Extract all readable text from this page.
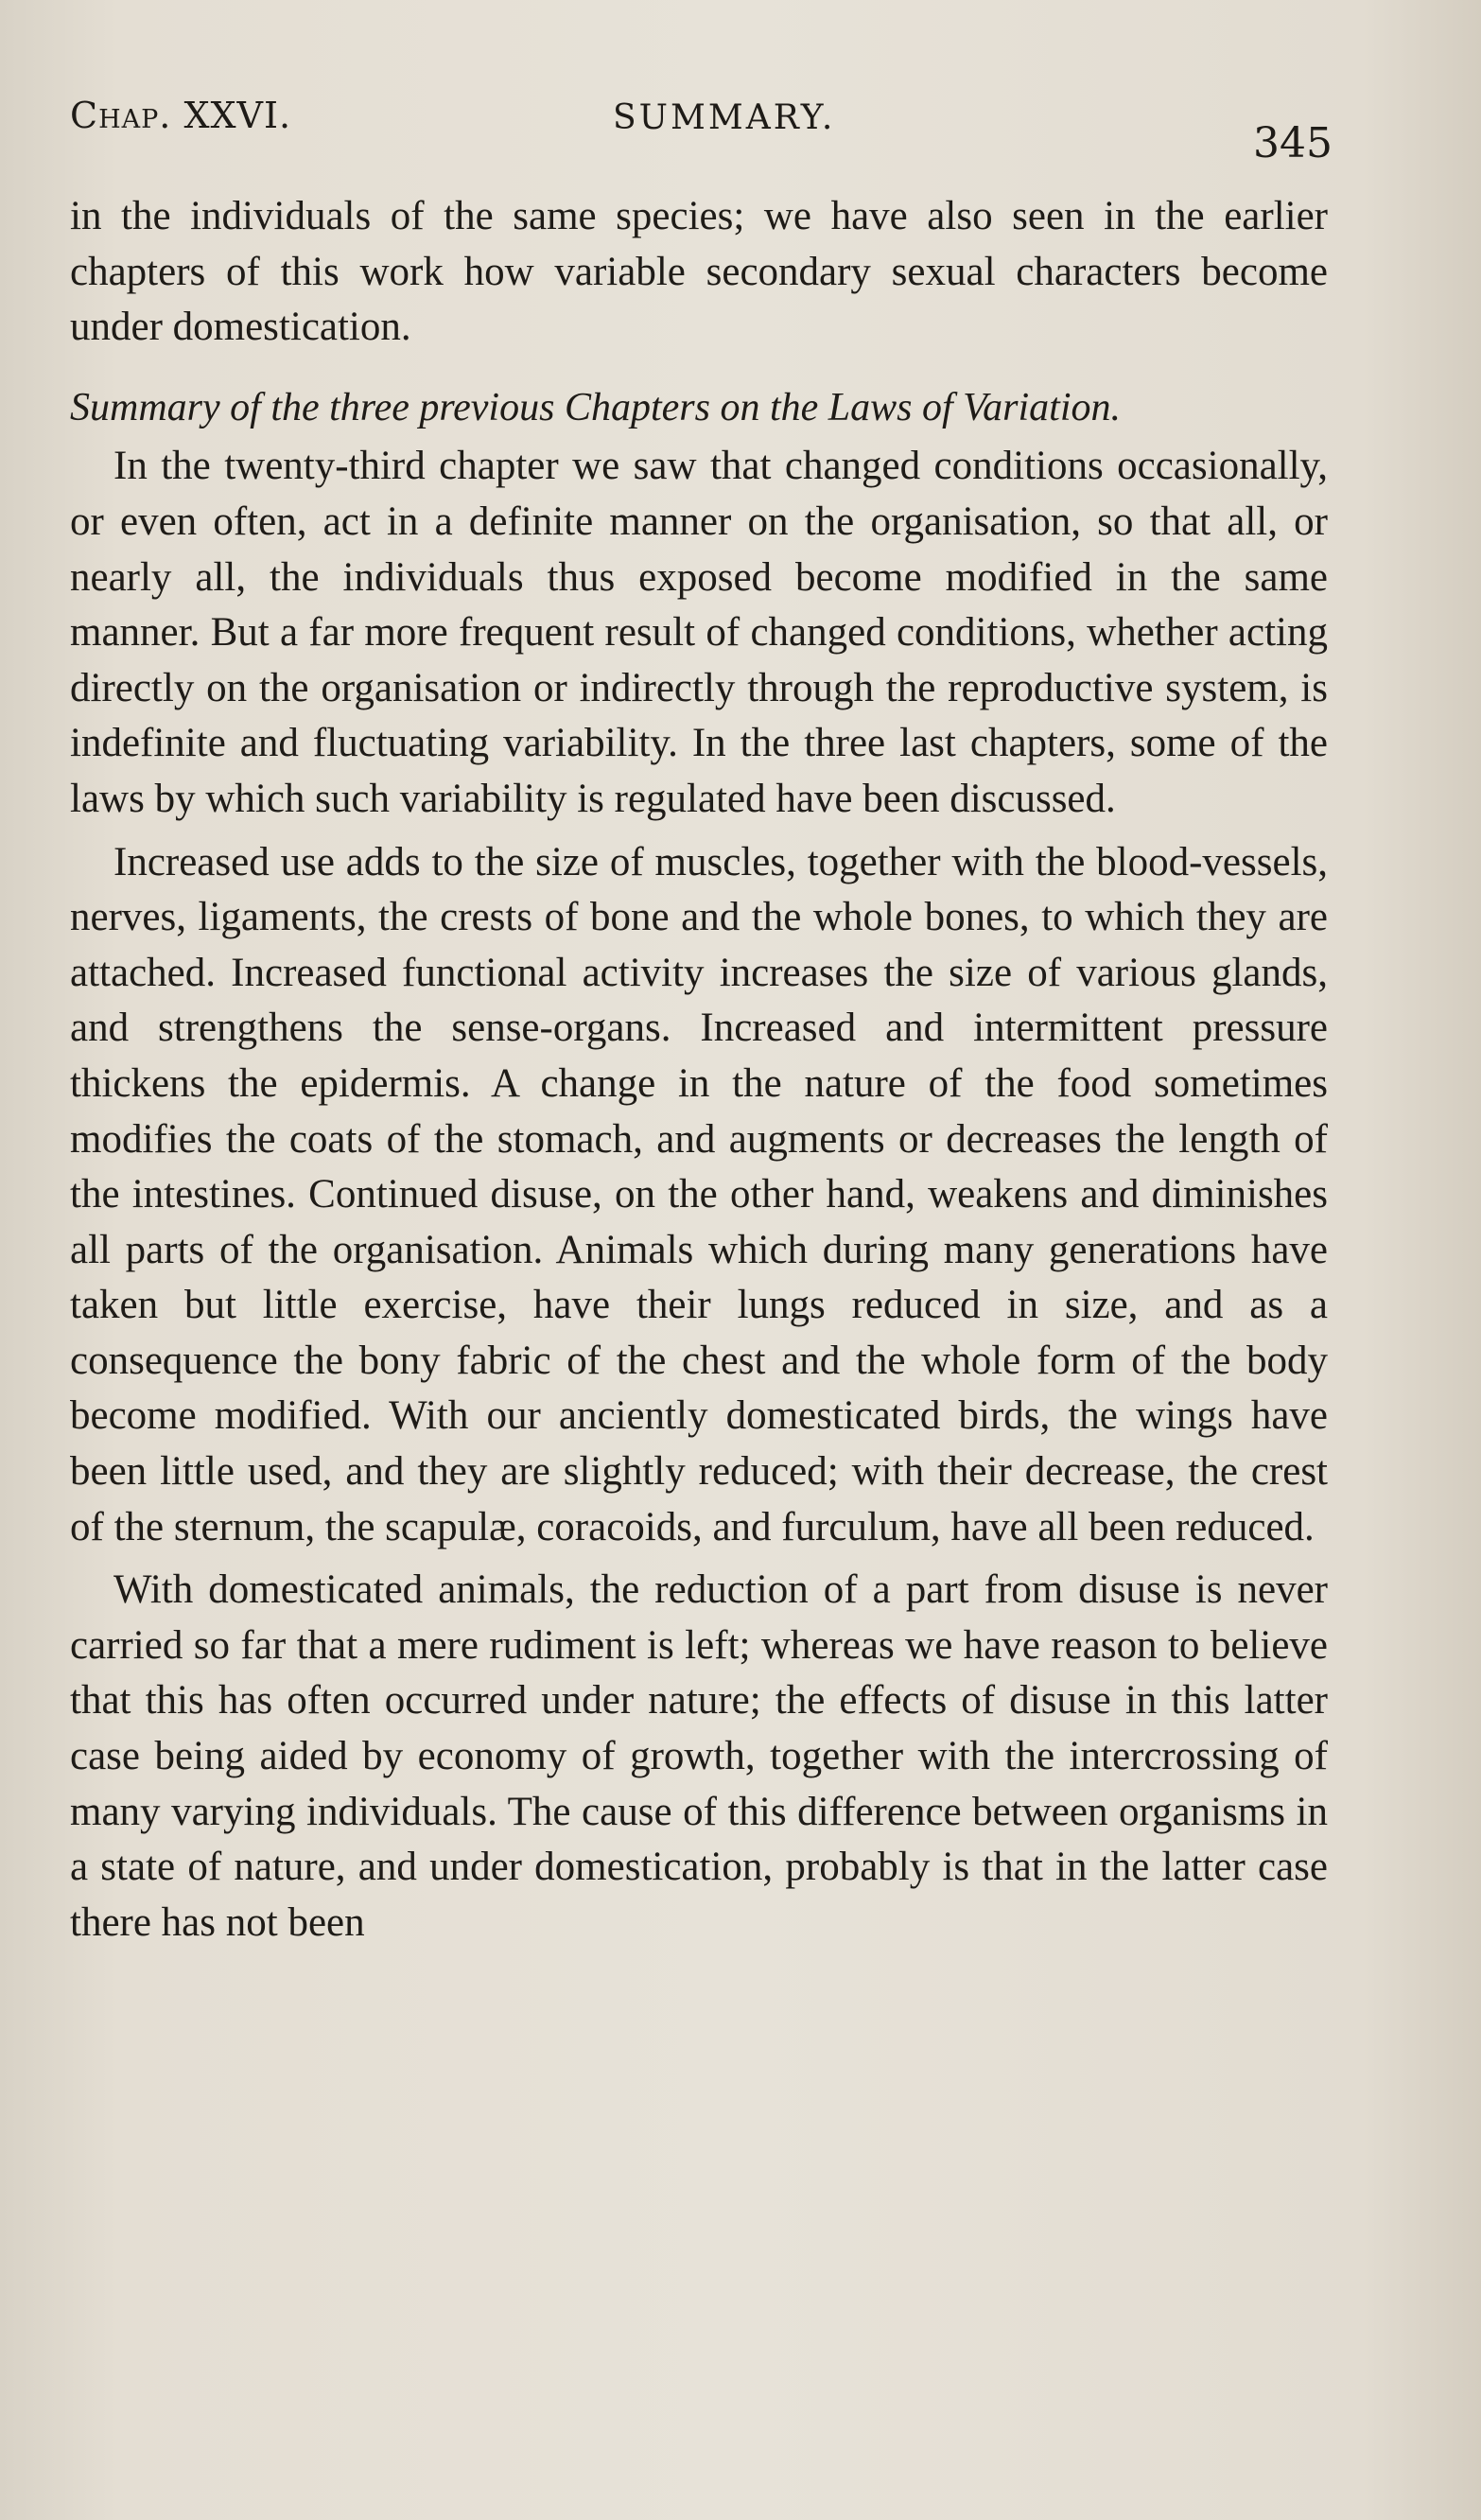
Chap. XXVI.	SUMMARY.
345

in the individuals of the same species; we have also seen in the earlier chapters of this work how variable secondary sexual characters become under domestication.

Summary of the three previous Chapters on the Laws of Variation.

In the twenty-third chapter we saw that changed conditions occasionally, or even often, act in a definite manner on the organisation, so that all, or nearly all, the individuals thus exposed become modified in the same manner. But a far more frequent result of changed conditions, whether acting directly on the organisation or indirectly through the reproductive system, is indefinite and fluctuating variability. In the three last chapters, some of the laws by which such variability is regulated have been discussed.

Increased use adds to the size of muscles, together with the blood-vessels, nerves, ligaments, the crests of bone and the whole bones, to which they are attached. Increased functional activity increases the size of various glands, and strengthens the sense-organs. Increased and intermittent pressure thickens the epidermis. A change in the nature of the food sometimes modifies the coats of the stomach, and augments or decreases the length of the intestines. Continued disuse, on the other hand, weakens and diminishes all parts of the organisation. Animals which during many generations have taken but little exercise, have their lungs reduced in size, and as a consequence the bony fabric of the chest and the whole form of the body become modified. With our anciently domesticated birds, the wings have been little used, and they are slightly reduced; with their decrease, the crest of the sternum, the scapulæ, coracoids, and furculum, have all been reduced.

With domesticated animals, the reduction of a part from disuse is never carried so far that a mere rudiment is left; whereas we have reason to believe that this has often occurred under nature; the effects of disuse in this latter case being aided by economy of growth, together with the intercrossing of many varying individuals. The cause of this difference between organisms in a state of nature, and under domestication, probably is that in the latter case there has not been
